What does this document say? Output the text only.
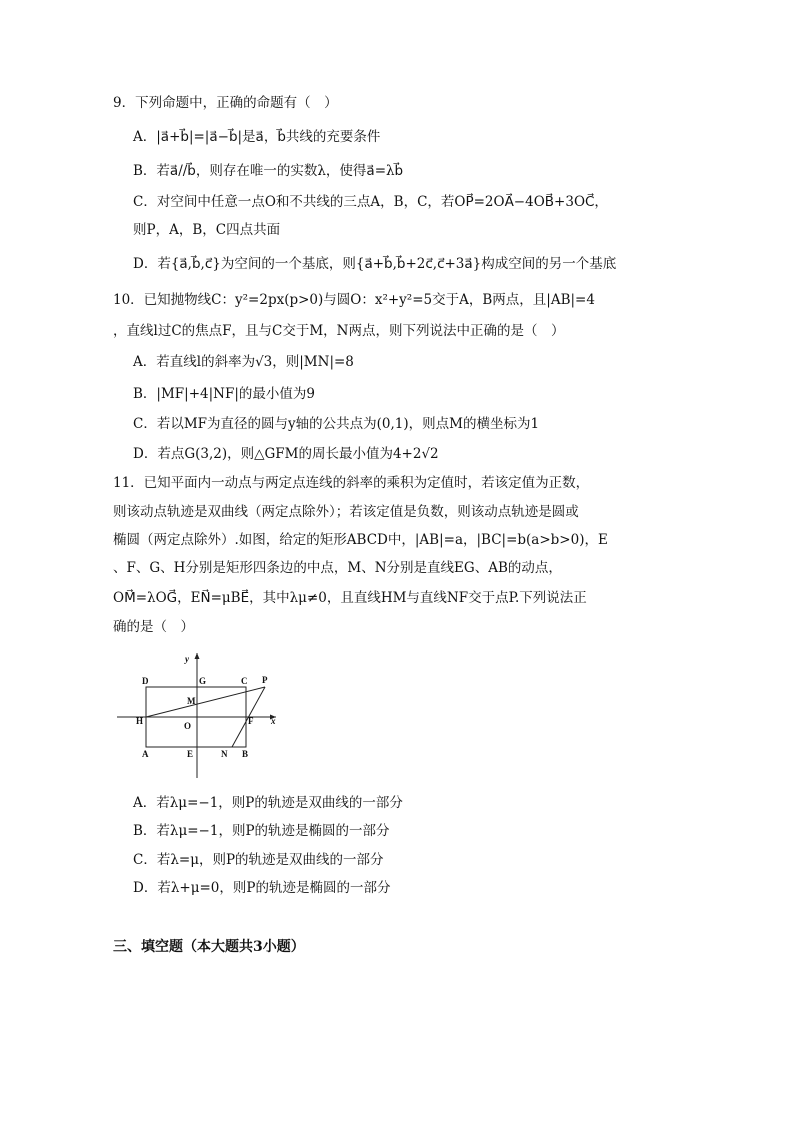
9．下列命题中，正确的命题有（　）
A．|a⃗+b⃗|=|a⃗−b⃗|是a⃗，b⃗共线的充要条件
B．若a⃗//b⃗，则存在唯一的实数λ，使得a⃗=λb⃗
C．对空间中任意一点O和不共线的三点A，B，C，若OP⃗=2OA⃗−4OB⃗+3OC⃗，
则P，A，B，C四点共面
D．若{a⃗,b⃗,c⃗}为空间的一个基底，则{a⃗+b⃗,b⃗+2c⃗,c⃗+3a⃗}构成空间的另一个基底
10．已知抛物线C：y²=2px(p>0)与圆O：x²+y²=5交于A，B两点，且|AB|=4
，直线l过C的焦点F，且与C交于M，N两点，则下列说法中正确的是（　）
A．若直线l的斜率为√3，则|MN|=8
B．|MF|+4|NF|的最小值为9
C．若以MF为直径的圆与y轴的公共点为(0,1)，则点M的横坐标为1
D．若点G(3,2)，则△GFM的周长最小值为4+2√2
11．已知平面内一动点与两定点连线的斜率的乘积为定值时，若该定值为正数，
则该动点轨迹是双曲线（两定点除外）；若该定值是负数，则该动点轨迹是圆或
椭圆（两定点除外）.如图，给定的矩形ABCD中，|AB|=a，|BC|=b(a>b>0)，E
、F、G、H分别是矩形四条边的中点，M、N分别是直线EG、AB的动点，
OM⃗=λOG⃗，EN⃗=μBE⃗，其中λμ≠0，且直线HM与直线NF交于点P.下列说法正
确的是（　）
y
x
D	G	C P
M
H	O	F
A	E	N B
A．若λμ=−1，则P的轨迹是双曲线的一部分
B．若λμ=−1，则P的轨迹是椭圆的一部分
C．若λ=μ，则P的轨迹是双曲线的一部分
D．若λ+μ=0，则P的轨迹是椭圆的一部分
三、填空题（本大题共3小题）
